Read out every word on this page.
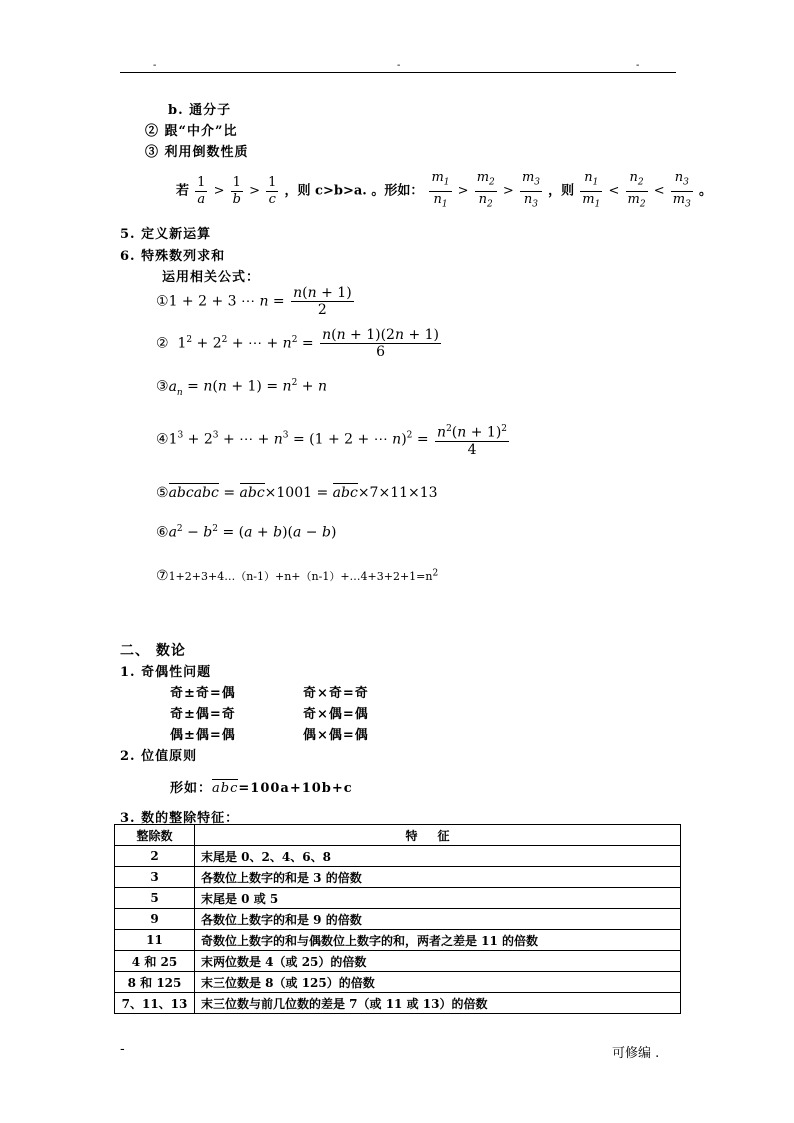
-	-	-
b. 通分子
② 跟“中介”比
③ 利用倒数性质
若 $\frac{1}{a} > \frac{1}{b} > \frac{1}{c}$ ，则 c>b>a. 。形如： $\frac{m_1}{n_1} > \frac{m_2}{n_2} > \frac{m_3}{n_3}$ ，则 $\frac{n_1}{m_1} < \frac{n_2}{m_2} < \frac{n_3}{m_3}$ 。
5. 定义新运算
6. 特殊数列求和
运用相关公式：
①1 + 2 + 3 ⋯ $n = \frac{n(n + 1)}{2}$
②  $1^2 + 2^2$ + ⋯ + $n^2 = \frac{n(n + 1)(2n + 1)}{6}$
$③a_n = n(n + 1) = n^2 + n$
$④1^3 + 2^3$ + ⋯ + $n^3 = (1 + 2$ + ⋯ $n)^2 = \frac{n^2(n + 1)^2}{4}$
⑤abcabc = abc×1001 = abc×7×11×13
$⑥a^2 - b^2 = (a + b)(a - b)$
$⑦1+2+3+4\dots(n-1)+n+(n-1)+\dots 4+3+2+1=n^2$
二、 数论
1. 奇偶性问题
奇±奇=偶	奇×奇=奇
奇±偶=奇	奇×偶=偶
偶±偶=偶	偶×偶=偶
2. 位值原则
形如：abc=100a+10b+c
3. 数的整除特征：
整除数	特征
2	末尾是 0、2、4、6、8
3	各数位上数字的和是 3 的倍数
5	末尾是 0 或 5
9	各数位上数字的和是 9 的倍数
11	奇数位上数字的和与偶数位上数字的和，两者之差是 11 的倍数
4 和 25	末两位数是 4（或 25）的倍数
8 和 125	末三位数是 8（或 125）的倍数
7、11、13	末三位数与前几位数的差是 7（或 11 或 13）的倍数
-	可修编 .
